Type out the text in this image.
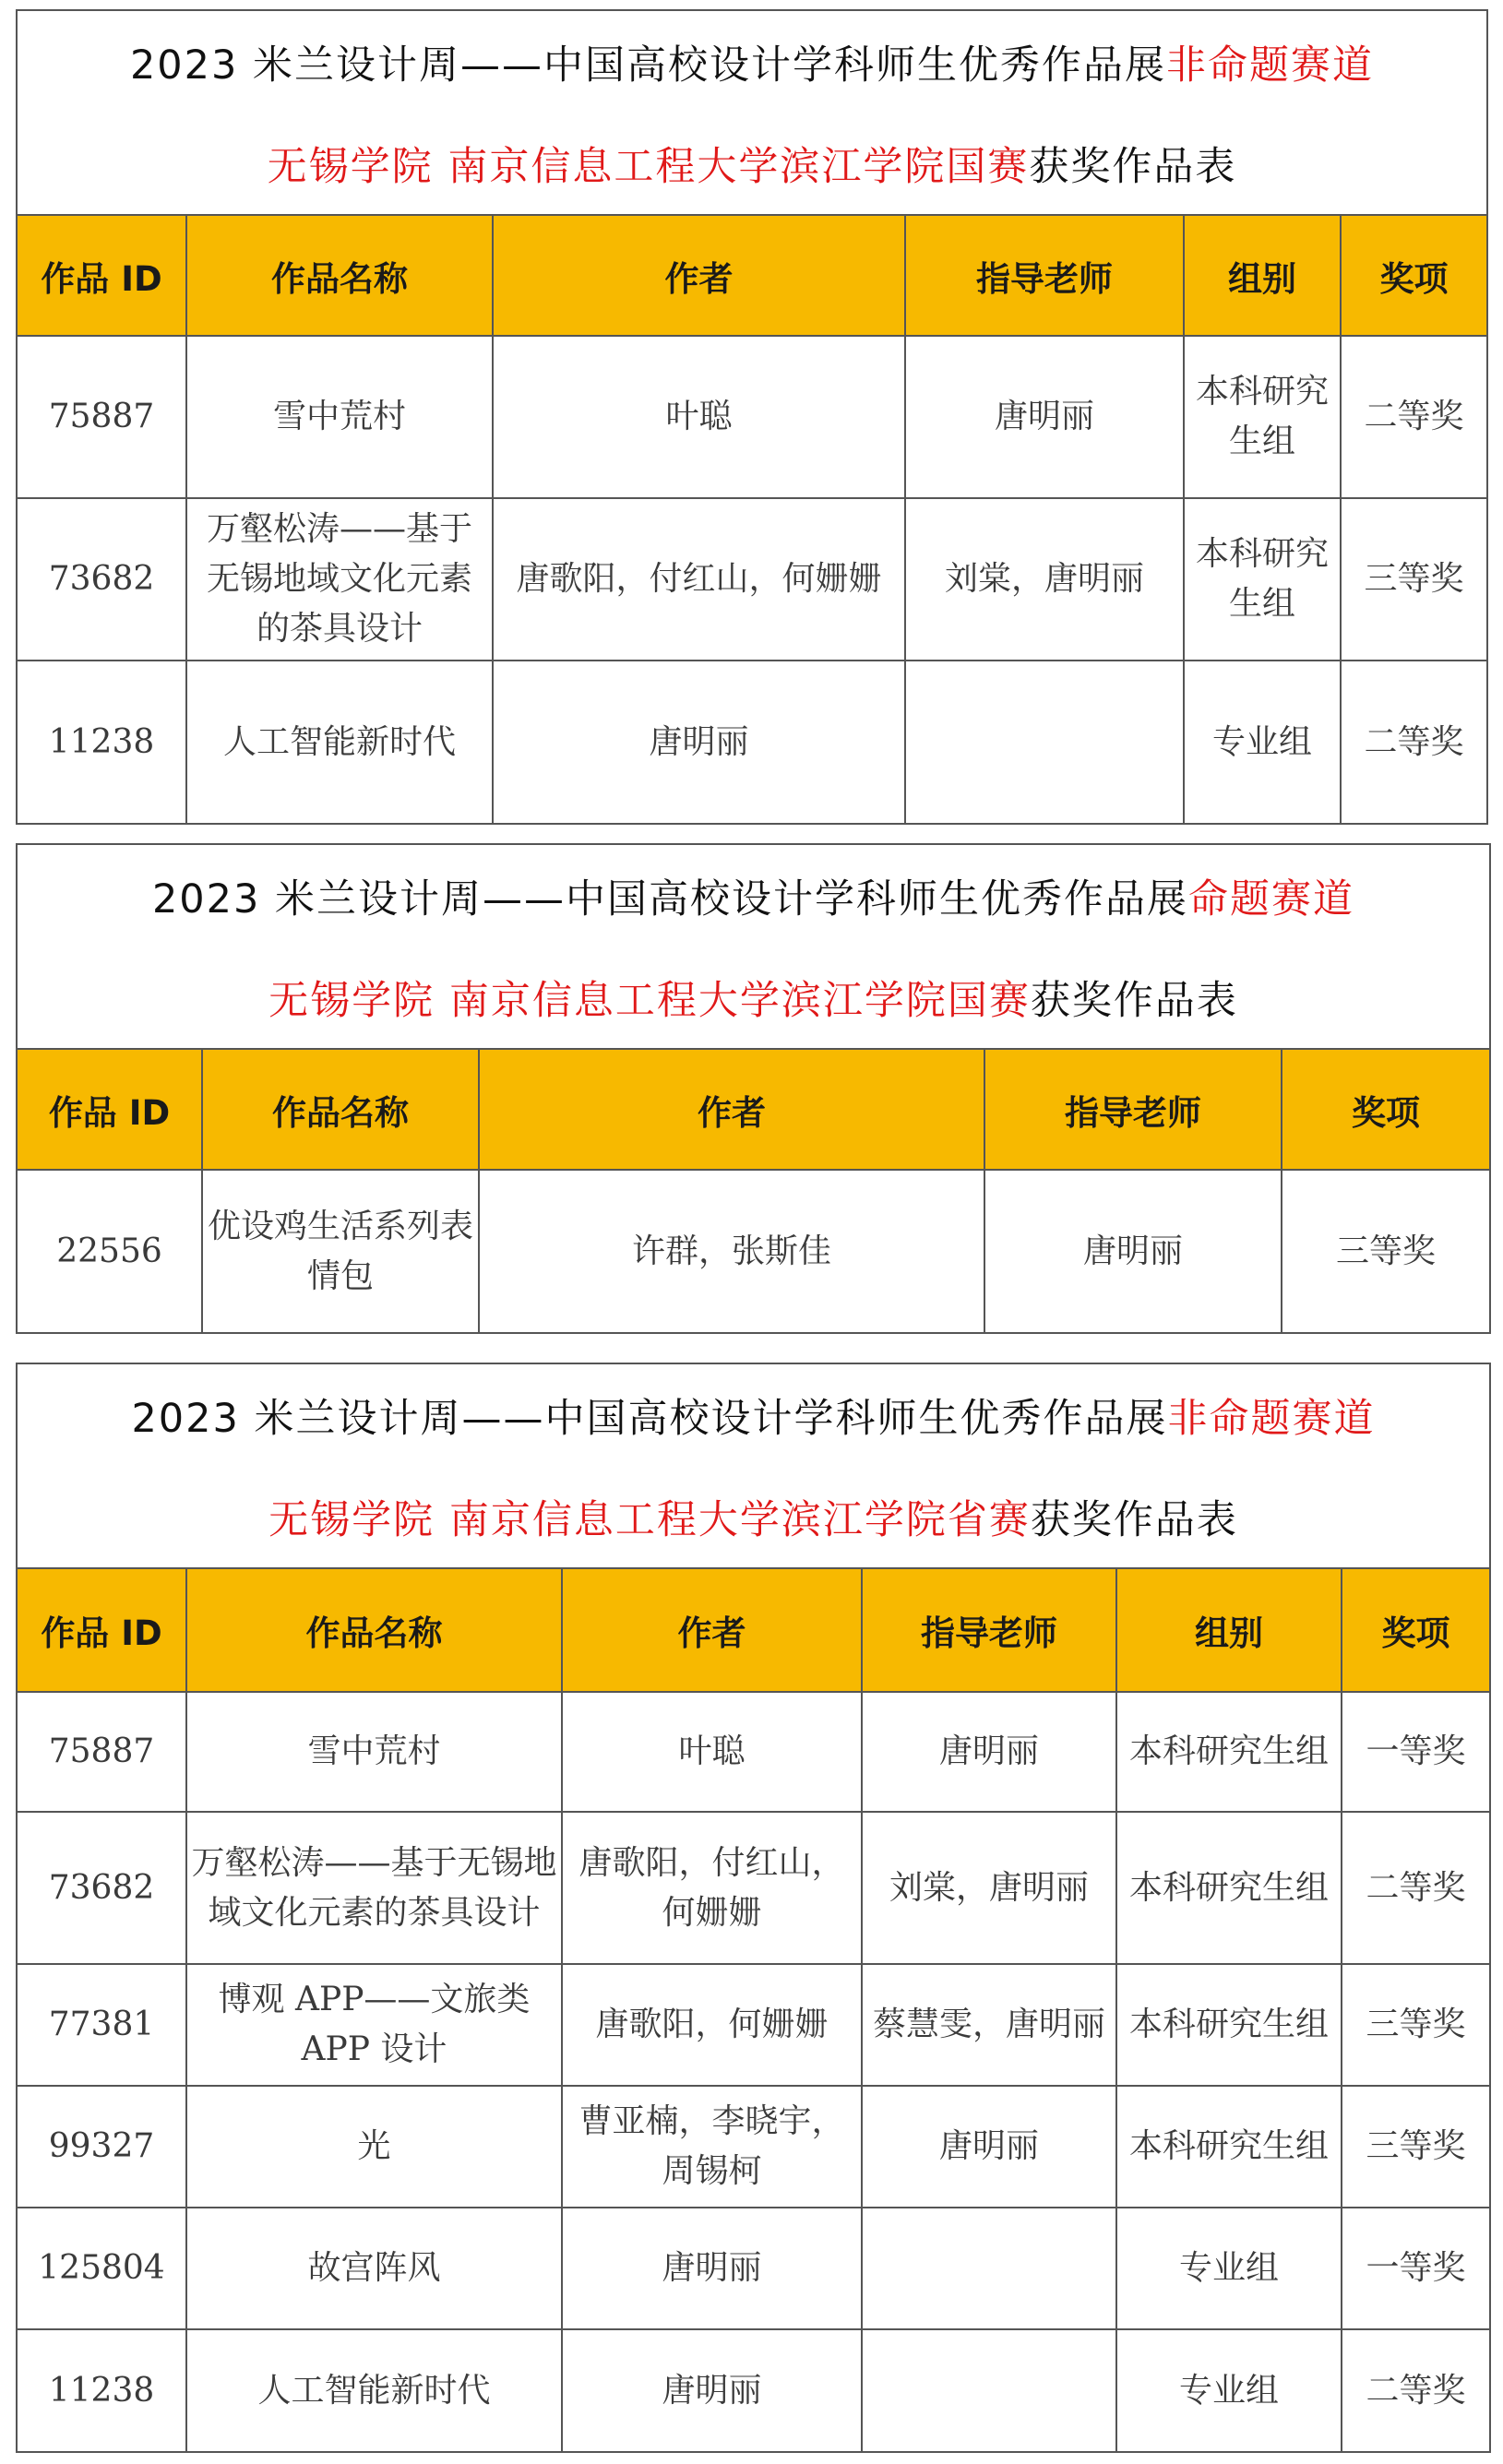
2023 米兰设计周——中国高校设计学科师生优秀作品展 非命题赛道
无锡学院 南京信息工程大学滨江学院国赛 获奖作品表
作品 ID	作品名称	作者	指导老师	组别	奖项
75887	雪中荒村	叶聪	唐明丽	本科研究生组	二等奖
73682	万壑松涛——基于无锡地域文化元素的茶具设计	唐歌阳，付红山，何姗姗	刘棠，唐明丽	本科研究生组	三等奖
11238	人工智能新时代	唐明丽		专业组	二等奖
2023 米兰设计周——中国高校设计学科师生优秀作品展 命题赛道
无锡学院 南京信息工程大学滨江学院国赛 获奖作品表
作品 ID	作品名称	作者	指导老师	奖项
22556	优设鸡生活系列表情包	许群，张斯佳	唐明丽	三等奖
2023 米兰设计周——中国高校设计学科师生优秀作品展 非命题赛道
无锡学院 南京信息工程大学滨江学院省赛 获奖作品表
作品 ID	作品名称	作者	指导老师	组别	奖项
75887	雪中荒村	叶聪	唐明丽	本科研究生组	一等奖
73682	万壑松涛——基于无锡地域文化元素的茶具设计	唐歌阳，付红山，何姗姗	刘棠，唐明丽	本科研究生组	二等奖
77381	博观 APP——文旅类 APP 设计	唐歌阳，何姗姗	蔡慧雯，唐明丽	本科研究生组	三等奖
99327	光	曹亚楠，李晓宇，周锡柯	唐明丽	本科研究生组	三等奖
125804	故宫阵风	唐明丽		专业组	一等奖
11238	人工智能新时代	唐明丽		专业组	二等奖
